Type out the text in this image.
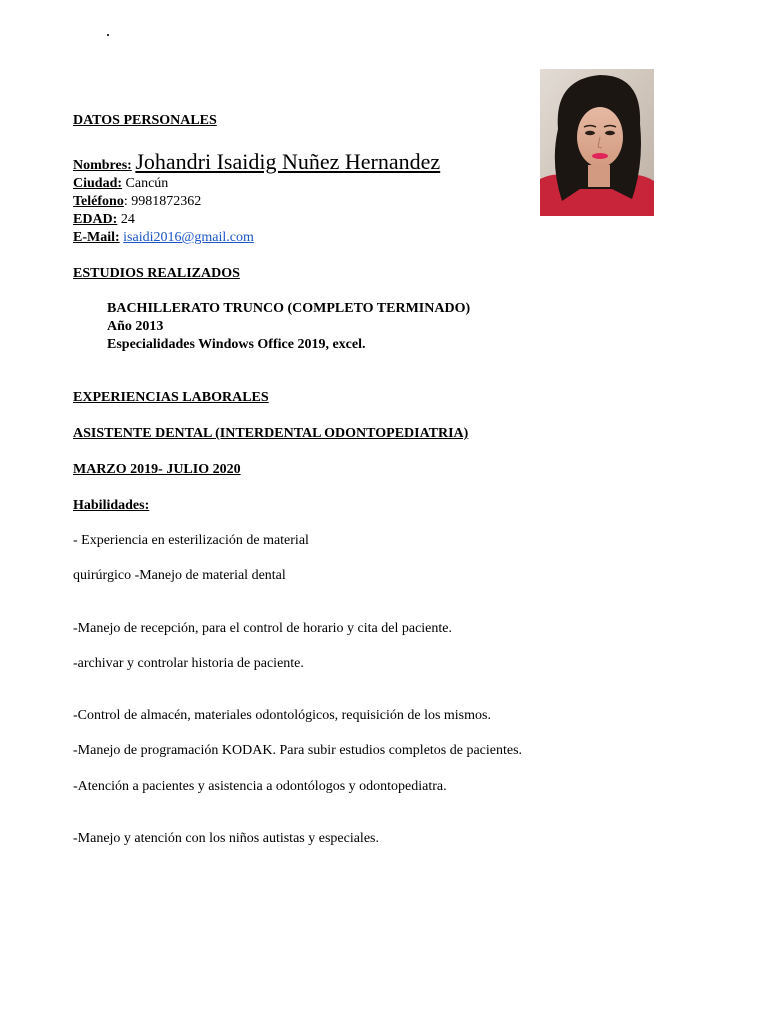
DATOS PERSONALES
Nombres: Johandri Isaidig Nuñez Hernandez
Ciudad: Cancún
Teléfono: 9981872362
EDAD: 24
E-Mail: isaidi2016@gmail.com
ESTUDIOS REALIZADOS
BACHILLERATO TRUNCO (COMPLETO TERMINADO)
Año 2013
Especialidades Windows Office 2019, excel.
EXPERIENCIAS LABORALES
ASISTENTE DENTAL (INTERDENTAL ODONTOPEDIATRIA)
MARZO 2019- JULIO 2020
Habilidades:
- Experiencia en esterilización de material
quirúrgico -Manejo de material dental
-Manejo de recepción, para el control de horario y cita del paciente.
-archivar y controlar historia de paciente.
-Control de almacén, materiales odontológicos, requisición de los mismos.
-Manejo de programación KODAK. Para subir estudios completos de pacientes.
-Atención a pacientes y asistencia a odontólogos y odontopediatra.
-Manejo y atención con los niños autistas y especiales.
